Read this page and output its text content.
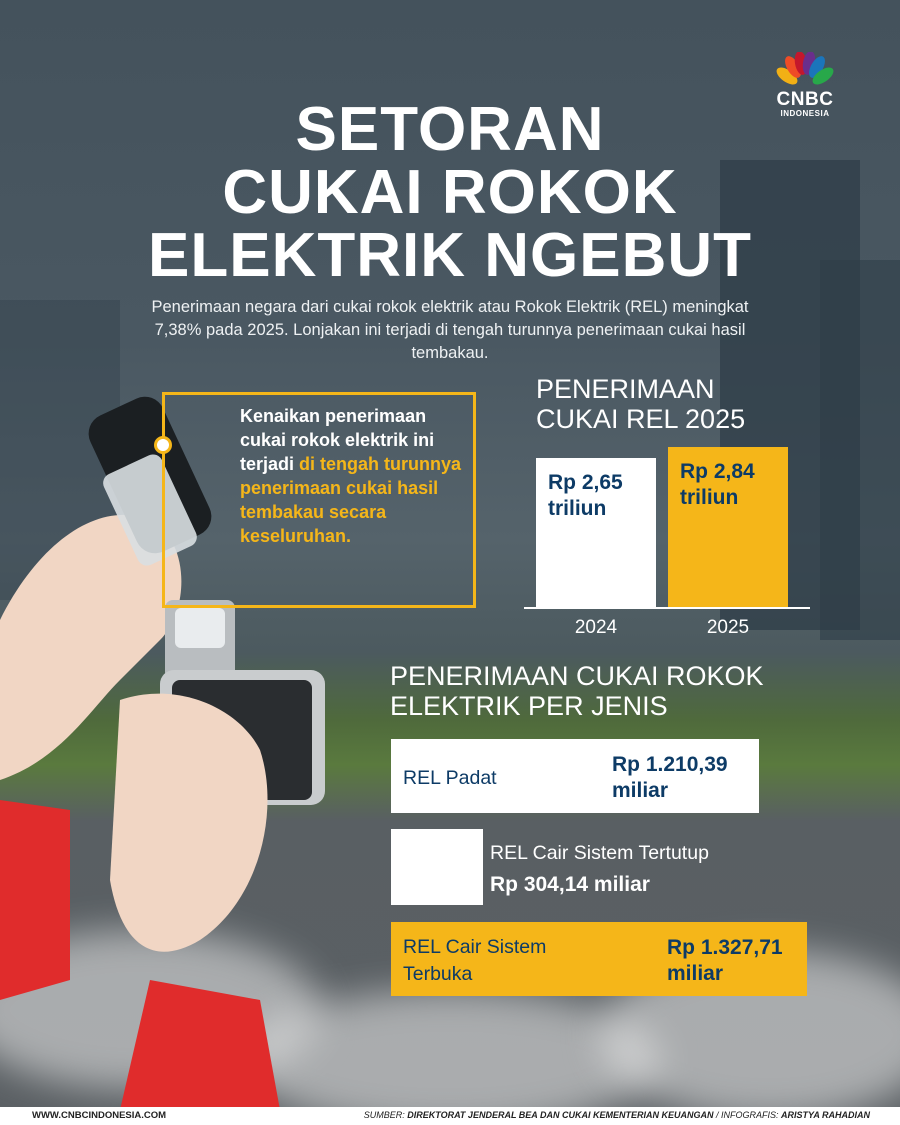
CNBC
INDONESIA
SETORAN
CUKAI ROKOK
ELEKTRIK NGEBUT
Penerimaan negara dari cukai rokok elektrik atau Rokok Elektrik (REL) meningkat 7,38% pada 2025. Lonjakan ini terjadi di tengah turunnya penerimaan cukai hasil tembakau.
Kenaikan penerimaan cukai rokok elektrik ini terjadi di tengah turunnya penerimaan cukai hasil tembakau secara keseluruhan.
PENERIMAAN
CUKAI REL 2025
Rp 2,65 triliun
2024
Rp 2,84 triliun
2025
PENERIMAAN CUKAI ROKOK
ELEKTRIK PER JENIS
REL Padat
Rp 1.210,39 miliar
REL Cair Sistem Tertutup
Rp 304,14 miliar
REL Cair Sistem Terbuka
Rp 1.327,71 miliar
WWW.CNBCINDONESIA.COM	SUMBER: DIREKTORAT JENDERAL BEA DAN CUKAI KEMENTERIAN KEUANGAN / INFOGRAFIS: ARISTYA RAHADIAN
